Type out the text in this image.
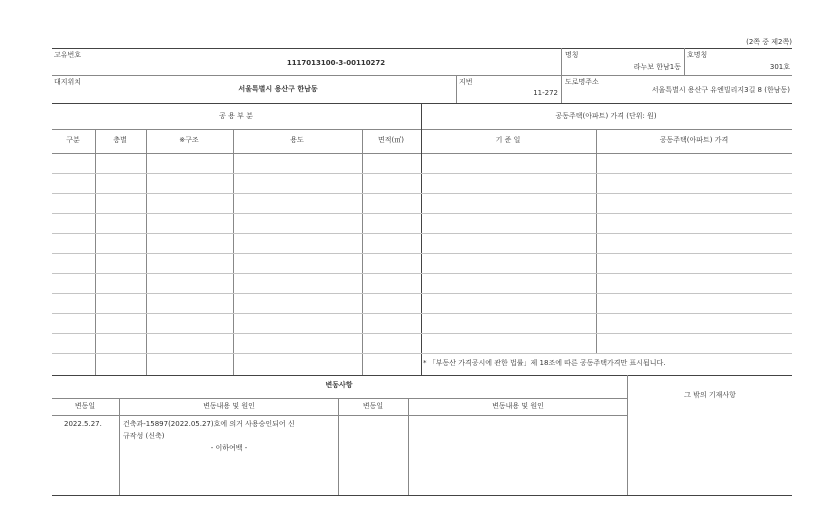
(2쪽 중 제2쪽)
고유번호
1117013100-3-00110272
명칭
라누보 한남1동
호명칭
301호
대지위치
서울특별시 용산구 한남동
지번
11-272
도로명주소
서울특별시 용산구 유엔빌리지3길 8 (한남동)
공 용 부 분	공동주택(아파트) 가격 (단위: 원)
구분	층별	※구조	용도	면적(㎡)	기 준 일	공동주택(아파트) 가격
* 「부동산 가격공시에 관한 법률」제 18조에 따른 공동주택가격만 표시됩니다.
변동사항
그 밖의 기재사항
변동일	변동내용 및 원인	변동일	변동내용 및 원인
2022.5.27.	건축과-15897(2022.05.27)호에 의거 사용승인되어 신
규작성 (신축)
- 이하여백 -
